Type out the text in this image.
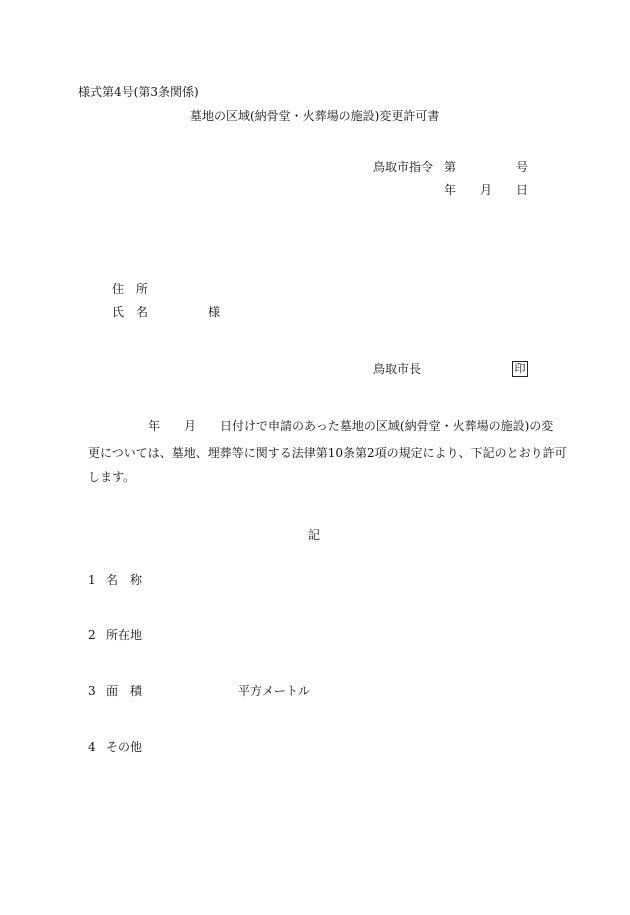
様式第4号(第3条関係)
墓地の区域(納骨堂・火葬場の施設)変更許可書
鳥取市指令 第	号
年 月 日
住　所
氏　名	様
鳥取市長	印
年 月 日付けで申請のあった墓地の区域(納骨堂・火葬場の施設)の変
更については、墓地、埋葬等に関する法律第10条第2項の規定により、下記のとおり許可
します。
記
1 名　称
2 所在地
3 面　積	平方メートル
4 その他
